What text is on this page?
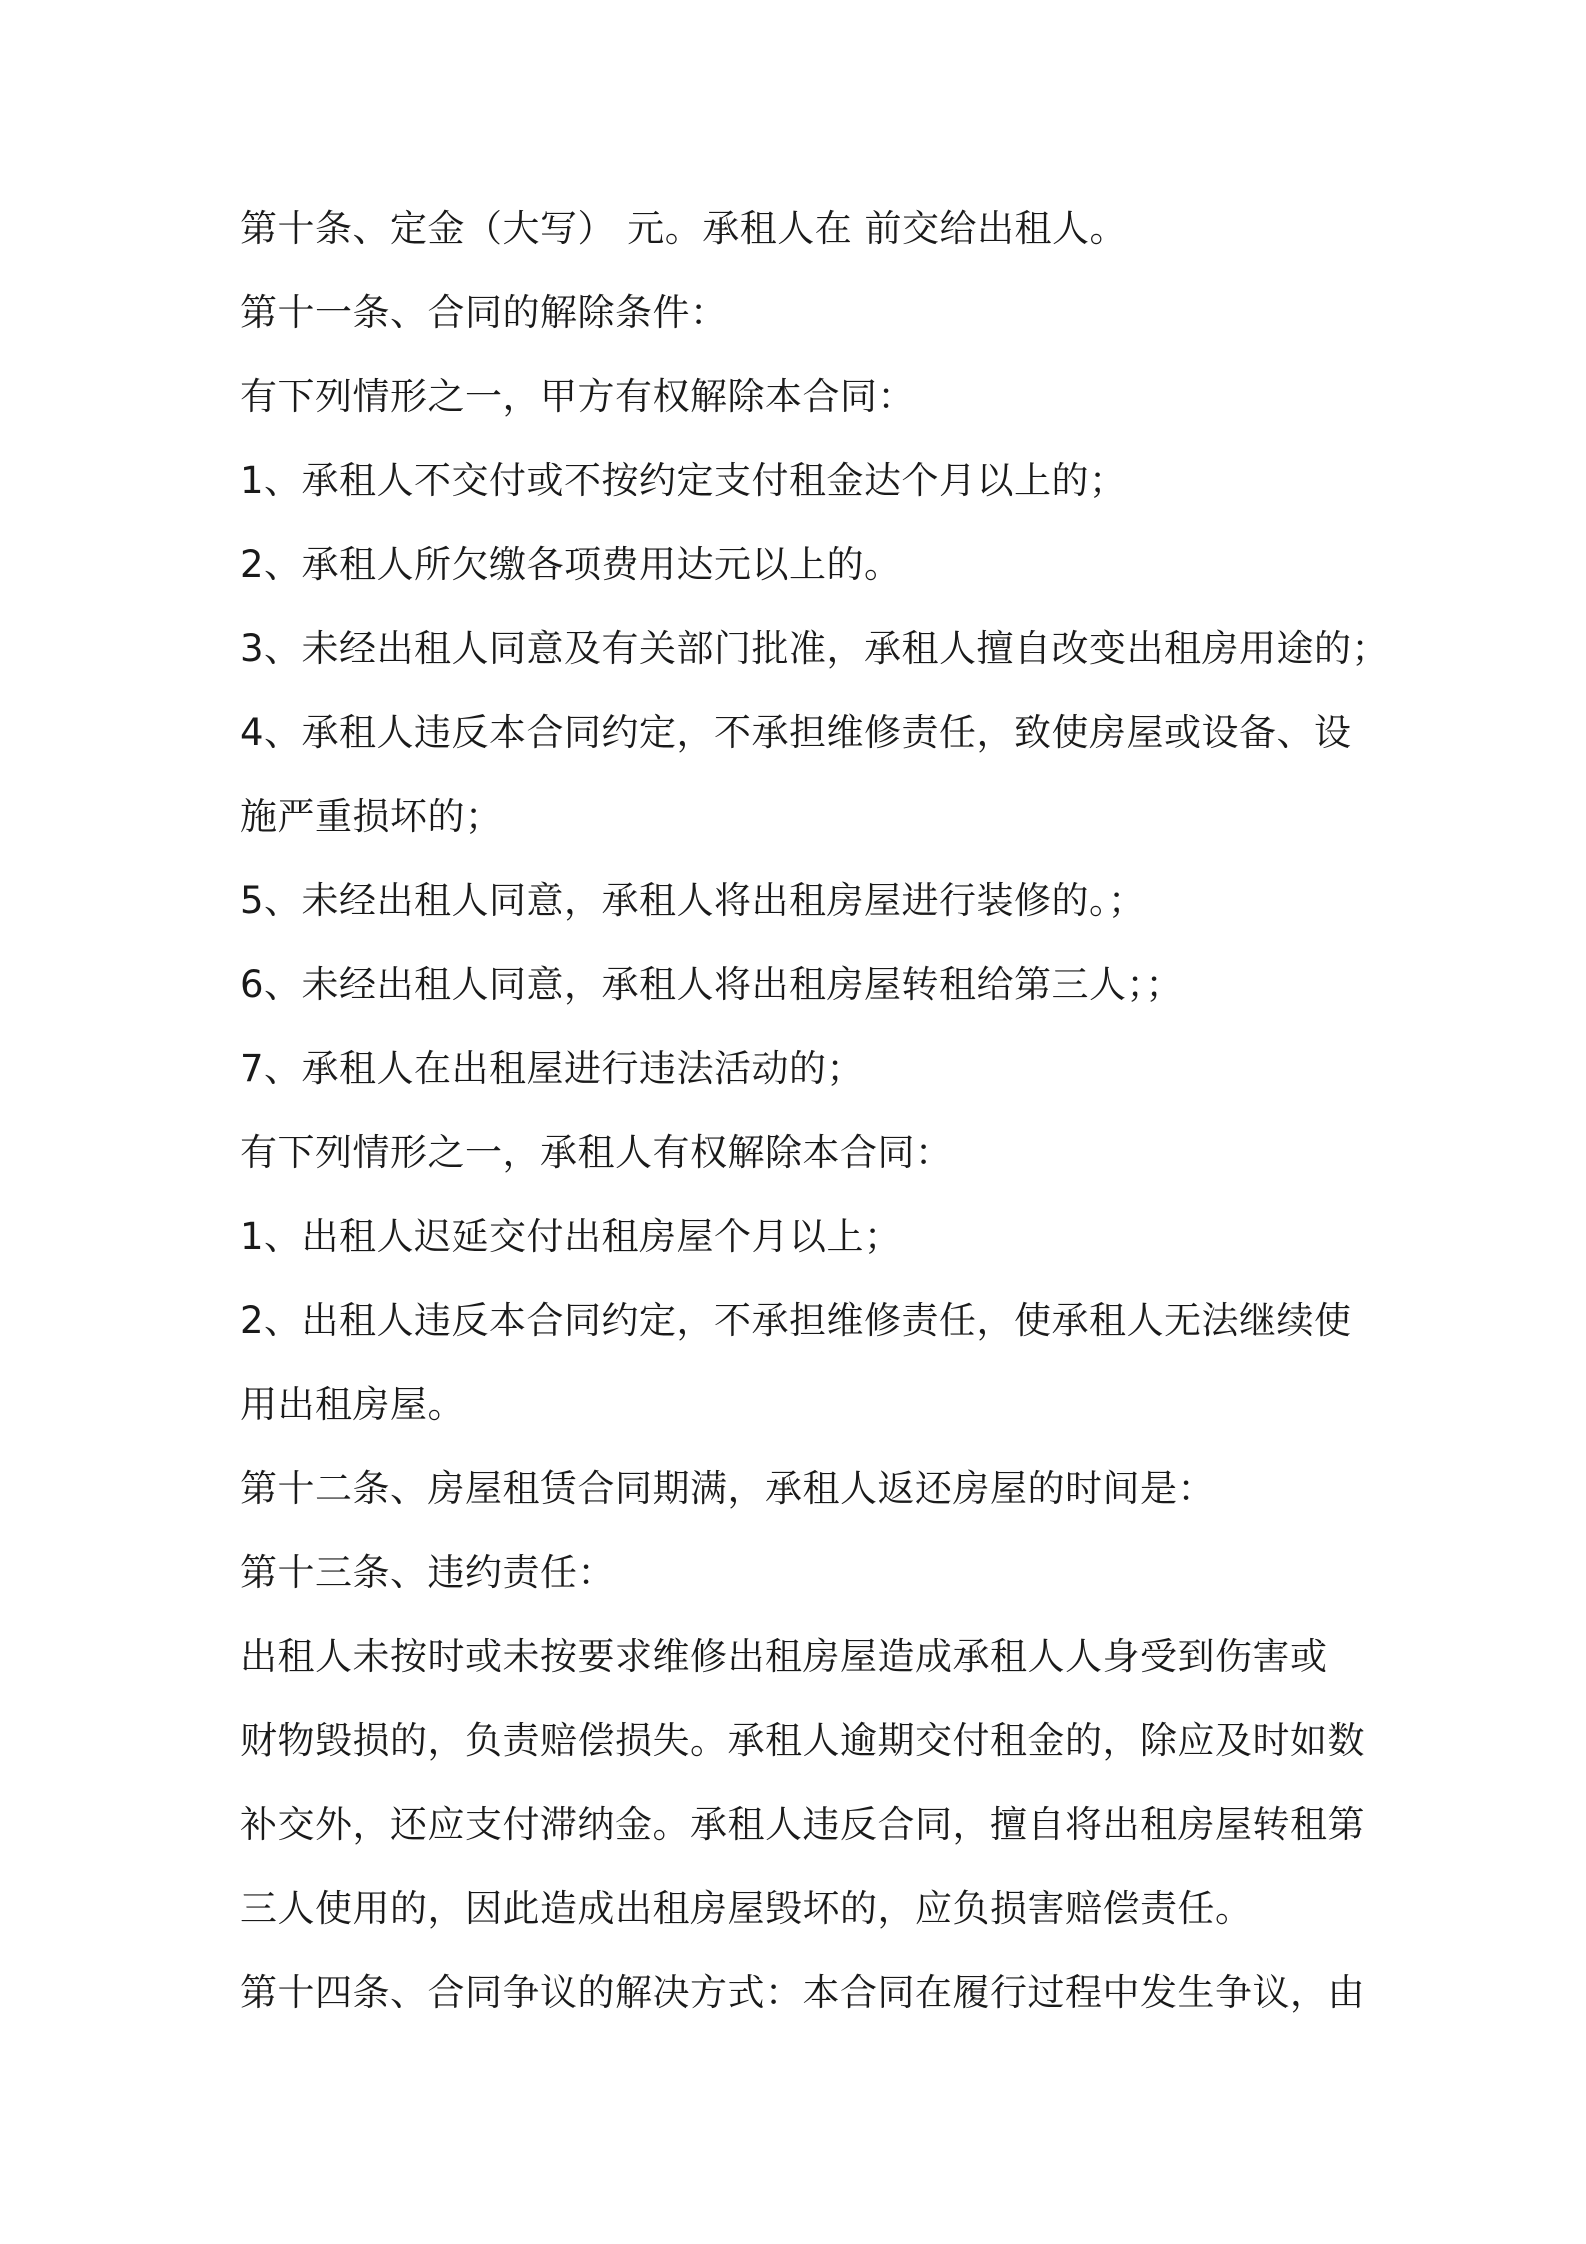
第十条、定金（大写） 元。承租人在 前交给出租人。
第十一条、合同的解除条件：
有下列情形之一，甲方有权解除本合同：
1、承租人不交付或不按约定支付租金达个月以上的；
2、承租人所欠缴各项费用达元以上的。
3、未经出租人同意及有关部门批准，承租人擅自改变出租房用途的；
4、承租人违反本合同约定，不承担维修责任，致使房屋或设备、设
施严重损坏的；
5、未经出租人同意，承租人将出租房屋进行装修的。；
6、未经出租人同意，承租人将出租房屋转租给第三人；；
7、承租人在出租屋进行违法活动的；
有下列情形之一，承租人有权解除本合同：
1、出租人迟延交付出租房屋个月以上；
2、出租人违反本合同约定，不承担维修责任，使承租人无法继续使
用出租房屋。
第十二条、房屋租赁合同期满，承租人返还房屋的时间是：
第十三条、违约责任：
出租人未按时或未按要求维修出租房屋造成承租人人身受到伤害或
财物毁损的，负责赔偿损失。承租人逾期交付租金的，除应及时如数
补交外，还应支付滞纳金。承租人违反合同，擅自将出租房屋转租第
三人使用的，因此造成出租房屋毁坏的，应负损害赔偿责任。
第十四条、合同争议的解决方式：本合同在履行过程中发生争议，由
